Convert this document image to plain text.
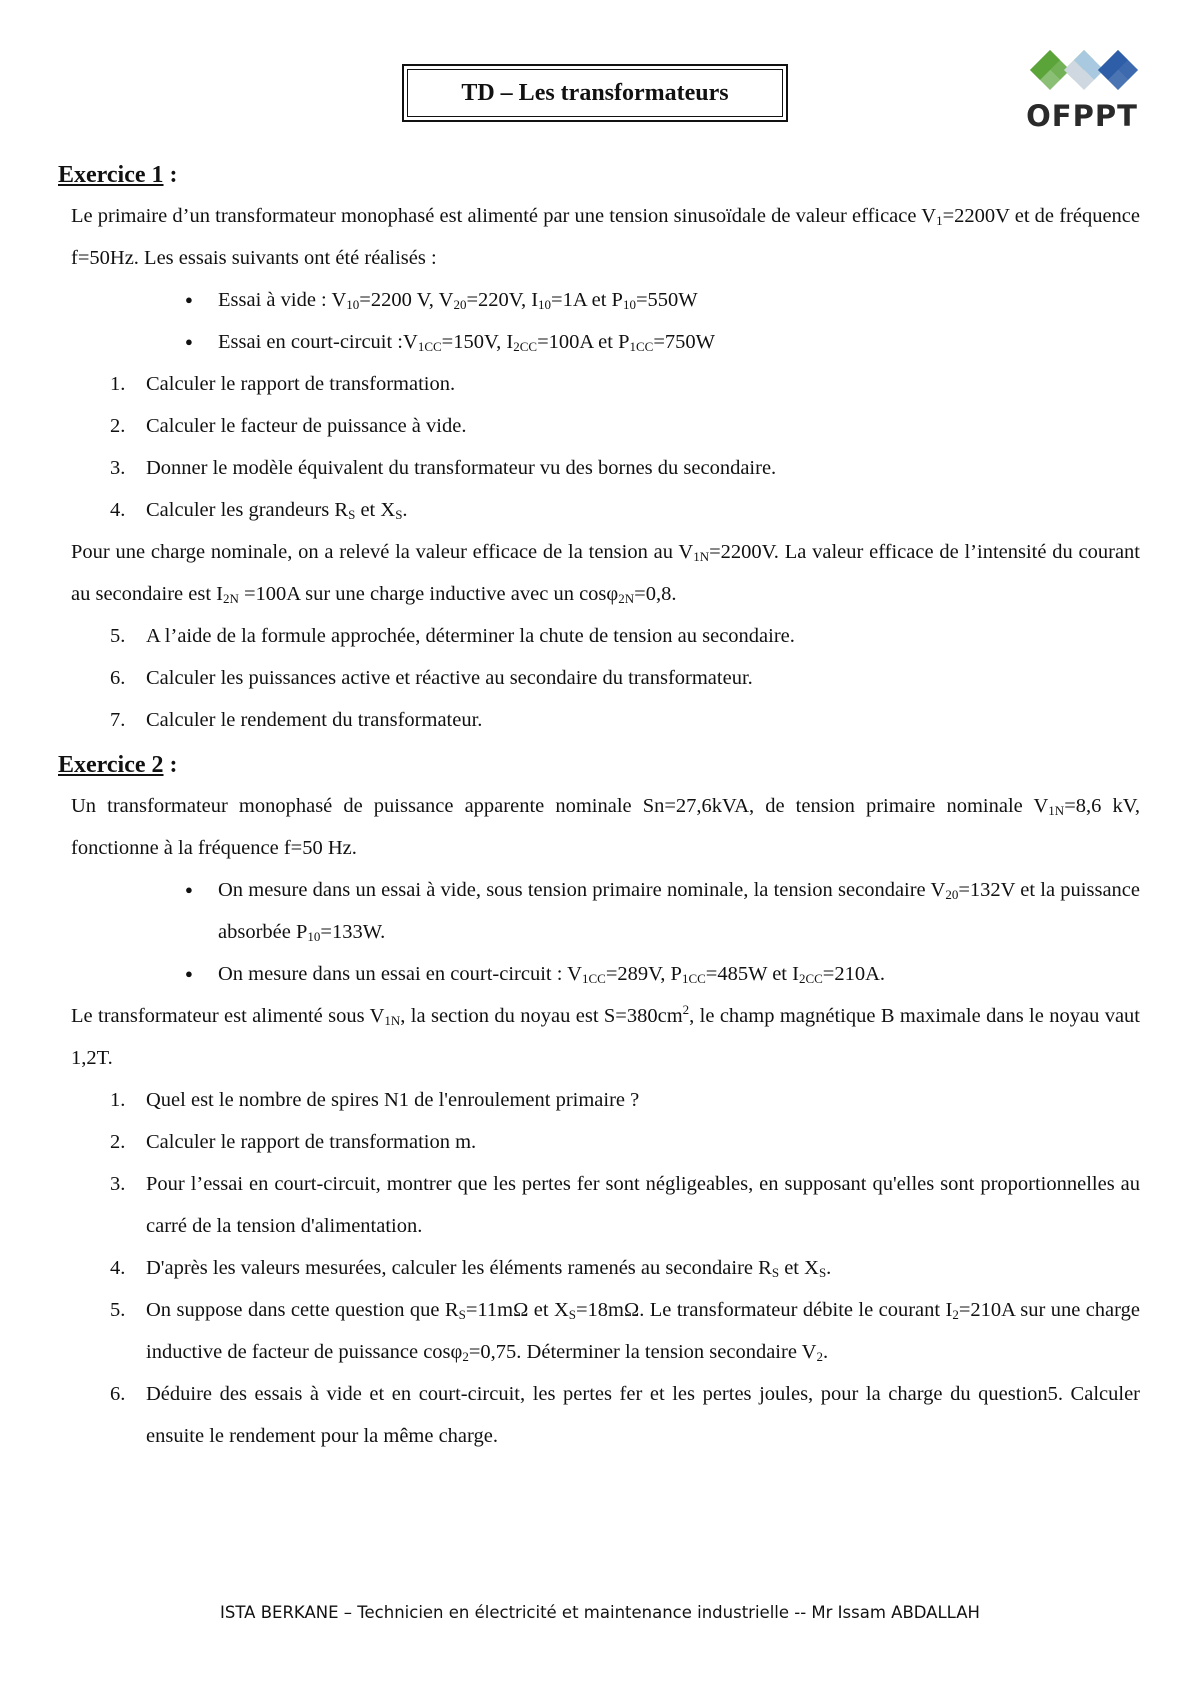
TD – Les transformateurs
OFPPT

Exercice 1 :

Le primaire d’un transformateur monophasé est alimenté par une tension sinusoïdale de valeur efficace $V_1=2200V$ et de fréquence f=50Hz. Les essais suivants ont été réalisés :

● Essai à vide : $V_{10}=2200$ V, $V_{20}=220V$, $I_{10}=1A$ et $P_{10}=550W$
● Essai en court-circuit $:V_{1CC}=150V$, $I_{2CC}=100A$ et $P_{1CC}=750W$
1. Calculer le rapport de transformation.
2. Calculer le facteur de puissance à vide.
3. Donner le modèle équivalent du transformateur vu des bornes du secondaire.
4. Calculer les grandeurs $R_S$ et $X_S$.

Pour une charge nominale, on a relevé la valeur efficace de la tension au $V_{1N}=2200V$. La valeur efficace de l’intensité du courant au secondaire est $I_{2N} =100A$ sur une charge inductive avec un cosφ$_{2N}$=0,8.

5. A l’aide de la formule approchée, déterminer la chute de tension au secondaire.
6. Calculer les puissances active et réactive au secondaire du transformateur.
7. Calculer le rendement du transformateur.

Exercice 2 :

Un transformateur monophasé de puissance apparente nominale Sn=27,6kVA, de tension primaire nominale $V_{1N}=8,6$ kV, fonctionne à la fréquence f=50 Hz.

● On mesure dans un essai à vide, sous tension primaire nominale, la tension secondaire $V_{20}=132V$ et la puissance absorbée $P_{10}=133W$.
● On mesure dans un essai en court-circuit : $V_{1CC}=289V$, $P_{1CC}=485W$ et $I_{2CC}=210A$.

Le transformateur est alimenté sous $V_{1N}$, la section du noyau est $S=380cm^2$, le champ magnétique B maximale dans le noyau vaut 1,2T.

1. Quel est le nombre de spires N1 de l'enroulement primaire ?
2. Calculer le rapport de transformation m.
3. Pour l’essai en court-circuit, montrer que les pertes fer sont négligeables, en supposant qu'elles sont proportionnelles au carré de la tension d'alimentation.
4. D'après les valeurs mesurées, calculer les éléments ramenés au secondaire $R_S$ et $X_S$.
5. On suppose dans cette question que $R_S=11m\Omega$ et $X_S=18m\Omega$. Le transformateur débite le courant $I_2=210A$ sur une charge inductive de facteur de puissance cosφ$_2$=0,75. Déterminer la tension secondaire $V_2$.
6. Déduire des essais à vide et en court-circuit, les pertes fer et les pertes joules, pour la charge du question5. Calculer ensuite le rendement pour la même charge.
ISTA BERKANE – Technicien en électricité et maintenance industrielle -- Mr Issam ABDALLAH
